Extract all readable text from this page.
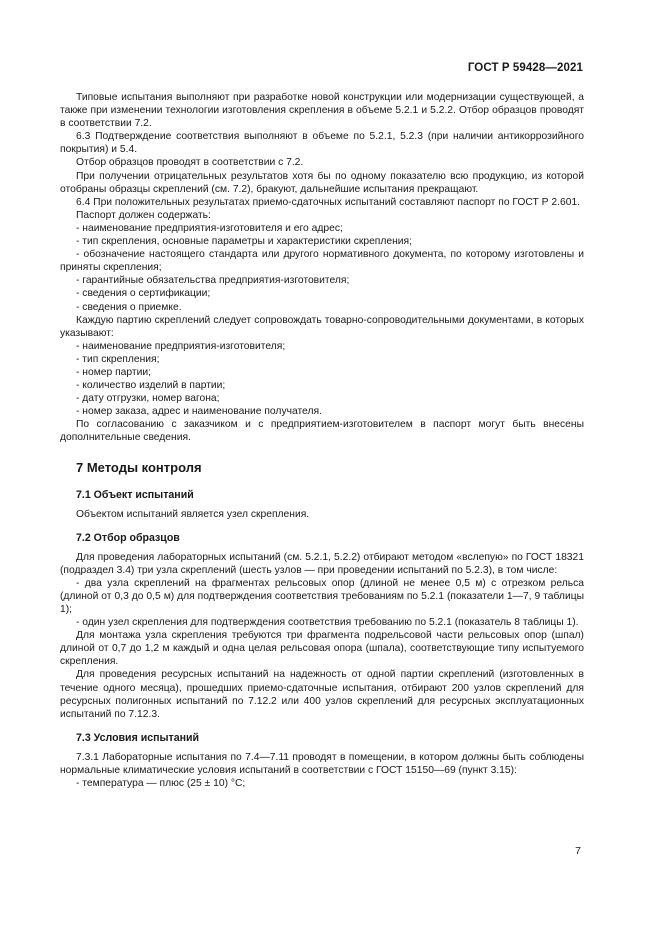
ГОСТ Р 59428—2021

Типовые испытания выполняют при разработке новой конструкции или модернизации существующей, а также при изменении технологии изготовления скрепления в объеме 5.2.1 и 5.2.2. Отбор образцов проводят в соответствии 7.2.

6.3 Подтверждение соответствия выполняют в объеме по 5.2.1, 5.2.3 (при наличии антикоррозийного покрытия) и 5.4.

Отбор образцов проводят в соответствии с 7.2.

При получении отрицательных результатов хотя бы по одному показателю всю продукцию, из которой отобраны образцы скреплений (см. 7.2), бракуют, дальнейшие испытания прекращают.

6.4 При положительных результатах приемо-сдаточных испытаний составляют паспорт по ГОСТ Р 2.601.

Паспорт должен содержать:

- наименование предприятия-изготовителя и его адрес;

- тип скрепления, основные параметры и характеристики скрепления;

- обозначение настоящего стандарта или другого нормативного документа, по которому изготовлены и приняты скрепления;

- гарантийные обязательства предприятия-изготовителя;

- сведения о сертификации;

- сведения о приемке.

Каждую партию скреплений следует сопровождать товарно-сопроводительными документами, в которых указывают:

- наименование предприятия-изготовителя;

- тип скрепления;

- номер партии;

- количество изделий в партии;

- дату отгрузки, номер вагона;

- номер заказа, адрес и наименование получателя.

По согласованию с заказчиком и с предприятием-изготовителем в паспорт могут быть внесены дополнительные сведения.

7 Методы контроля
7.1 Объект испытаний

Объектом испытаний является узел скрепления.

7.2 Отбор образцов

Для проведения лабораторных испытаний (см. 5.2.1, 5.2.2) отбирают методом «вслепую» по ГОСТ 18321 (подраздел 3.4) три узла скреплений (шесть узлов — при проведении испытаний по 5.2.3), в том числе:

- два узла скреплений на фрагментах рельсовых опор (длиной не менее 0,5 м) с отрезком рельса (длиной от 0,3 до 0,5 м) для подтверждения соответствия требованиям по 5.2.1 (показатели 1—7, 9 таблицы 1);

- один узел скрепления для подтверждения соответствия требованию по 5.2.1 (показатель 8 таблицы 1).

Для монтажа узла скрепления требуются три фрагмента подрельсовой части рельсовых опор (шпал) длиной от 0,7 до 1,2 м каждый и одна целая рельсовая опора (шпала), соответствующие типу испытуемого скрепления.

Для проведения ресурсных испытаний на надежность от одной партии скреплений (изготовленных в течение одного месяца), прошедших приемо-сдаточные испытания, отбирают 200 узлов скреплений для ресурсных полигонных испытаний по 7.12.2 или 400 узлов скреплений для ресурсных эксплуатационных испытаний по 7.12.3.

7.3 Условия испытаний

7.3.1 Лабораторные испытания по 7.4—7.11 проводят в помещении, в котором должны быть соблюдены нормальные климатические условия испытаний в соответствии с ГОСТ 15150—69 (пункт 3.15):

- температура — плюс (25 ± 10) °С;

7
